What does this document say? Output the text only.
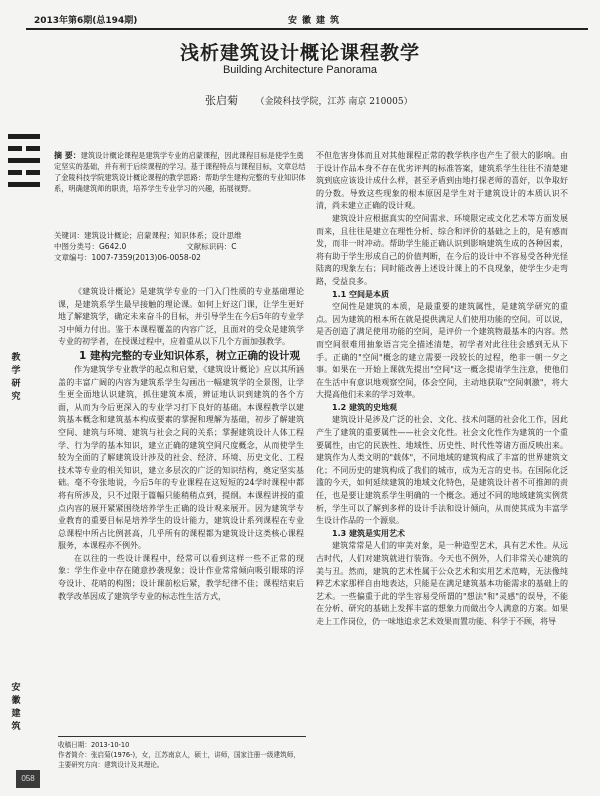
2013年第6期(总194期)	安徽建筑
浅析建筑设计概论课程教学
Building Architecture Panorama
张启菊 （金陵科技学院，江苏 南京 210005）
摘 要：建筑设计概论课程是建筑学专业的启蒙课程，因此课程目标是使学生奠定坚实的基础，并有利于后续课程的学习。基于课程特点与课程目标，文章总结了金陵科技学院建筑设计概论课程的教学思路：帮助学生建构完整的专业知识体系，明确建筑师的职责，培养学生专业学习的兴趣，拓展视野。
关键词：建筑设计概论；启蒙课程；知识体系；设计思维
中图分类号：G642.0	文献标识码：C
文章编号：1007-7359(2013)06-0058-02
教学研究
安徽建筑
058

《建筑设计概论》是建筑学专业的一门入门性质的专业基础理论课，是建筑系学生最早接触的理论课。如何上好这门课，让学生更好地了解建筑学，确定未来奋斗的目标，并引导学生在今后5年的专业学习中倾力付出。鉴于本课程覆盖的内容广泛，且面对的受众是建筑学专业的初学者，在授课过程中，应着重从以下几个方面加强教学。

1 建构完整的专业知识体系，树立正确的设计观

作为建筑学专业教学的起点和启蒙，《建筑设计概论》应以其所涵盖的丰富广阔的内容为建筑系学生勾画出一幅建筑学的全景图，让学生更全面地认识建筑，抓住建筑本质，辨证地认识到建筑的各个方面，从而为今后更深入的专业学习打下良好的基础。本课程教学以建筑基本概念和建筑基本构成要素的掌握和理解为基础，初步了解建筑空间、建筑与环境、建筑与社会之间的关系；掌握建筑设计人体工程学、行为学的基本知识，建立正确的建筑空间尺度概念，从而使学生较为全面的了解建筑设计涉及的社会、经济、环境、历史文化、工程技术等专业的相关知识，建立多层次的广泛的知识结构，奠定坚实基础。毫不夸张地说，今后5年的专业课程在这短短的24学时课程中都将有所涉及，只不过限于篇幅只能稍稍点到，提纲。本课程讲授的重点内容的展开紧紧围绕培养学生正确的设计观来展开。因为建筑学专业教育的重要目标是培养学生的设计能力，建筑设计系列课程在专业总课程中所占比例甚高，几乎所有的课程都为建筑设计这类核心课程服务，本课程亦不例外。

在以往的一些设计课程中，经常可以看到这样一些不正常的现象：学生作业中存在随意抄袭现象；设计作业常常倾向吸引眼球的浮夸设计、花哨的构图；设计课前松后紧，教学纪律不佳；课程结束后教学改革因成了建筑学专业的标志性生活方式，

收稿日期：2013-10-10
作者简介：张启菊(1976-)，女，江苏南京人，硕士，讲师，国家注册一级建筑师，主要研究方向：建筑设计及其理论。

不但危害身体而且对其他课程正常的教学秩序也产生了很大的影响。由于设计作品本身不存在优劣评判的标准答案，建筑系学生往往不清楚建筑到底应该设计成什么样，甚至矛盾到由地打探老师的喜好，以争取好的分数。导致这些现象的根本原因是学生对于建筑设计的本质认识不清，尚未建立正确的设计观。

建筑设计应根据真实的空间需求、环境限定或文化艺术等方面发展而来，且往往是建立在理性分析、综合和评价的基础之上的，是有感而发，而非一时冲动。帮助学生能正确认识到影响建筑生成的各种因素，将有助于学生形成自己的价值判断，在今后的设计中不容易受各种光怪陆离的现象左右；同时能改善上述设计课上的不良现象，使学生少走弯路，受益良多。

1.1 空间是本质

空间性是建筑的本质，是最重要的建筑属性，是建筑学研究的重点。因为建筑的根本所在就是提供满足人们使用功能的空间。可以说，是否创造了满足使用功能的空间，是评价一个建筑物最基本的内容。然而空间很难用抽象语言完全描述清楚，初学者对此往往会感到无从下手。正确的"空间"概念的建立需要一段较长的过程，绝非一朝一夕之事。如果在一开始上课就先提出"空间"这一概念提请学生注意，使他们在生活中有意识地观察空间，体会空间，主动地获取"空间刺激"，将大大提高他们未来的学习效率。

1.2 建筑的史地观

建筑设计是涉及广泛的社会、文化、技术问题的社会化工作，因此产生了建筑的重要属性——社会文化性。社会文化性作为建筑的一个重要属性，由它的民族性、地域性、历史性、时代性等诸方面反映出来。建筑作为人类文明的"载体"，不同地域的建筑构成了丰富的世界建筑文化；不同历史的建筑构成了我们的城市，成为无言的史书。在国际化泛滥的今天，如何延续建筑的地域文化特色，是建筑设计者不可推卸的责任，也是要让建筑系学生明确的一个概念。通过不同的地域建筑实例赏析，学生可以了解到多样的设计手法和设计倾向，从而使其成为丰富学生设计作品的一个源泉。

1.3 建筑是实用艺术

建筑常常是人们的审美对象，是一种造型艺术，具有艺术性。从远古时代，人们对建筑就进行装饰。今天也不例外，人们非常关心建筑的美与丑。然而，建筑的艺术性属于公众艺术和实用艺术范畴，无法像纯粹艺术家那样自由地表达，只能是在满足建筑基本功能需求的基础上的艺术。一些偏重于此的学生容易受所谓的"想法"和"灵感"的误导，不能在分析、研究的基础上发挥丰富的想象力而做出令人满意的方案。如果走上工作岗位，仍一味地追求艺术效果而置功能、科学于不顾，将导
